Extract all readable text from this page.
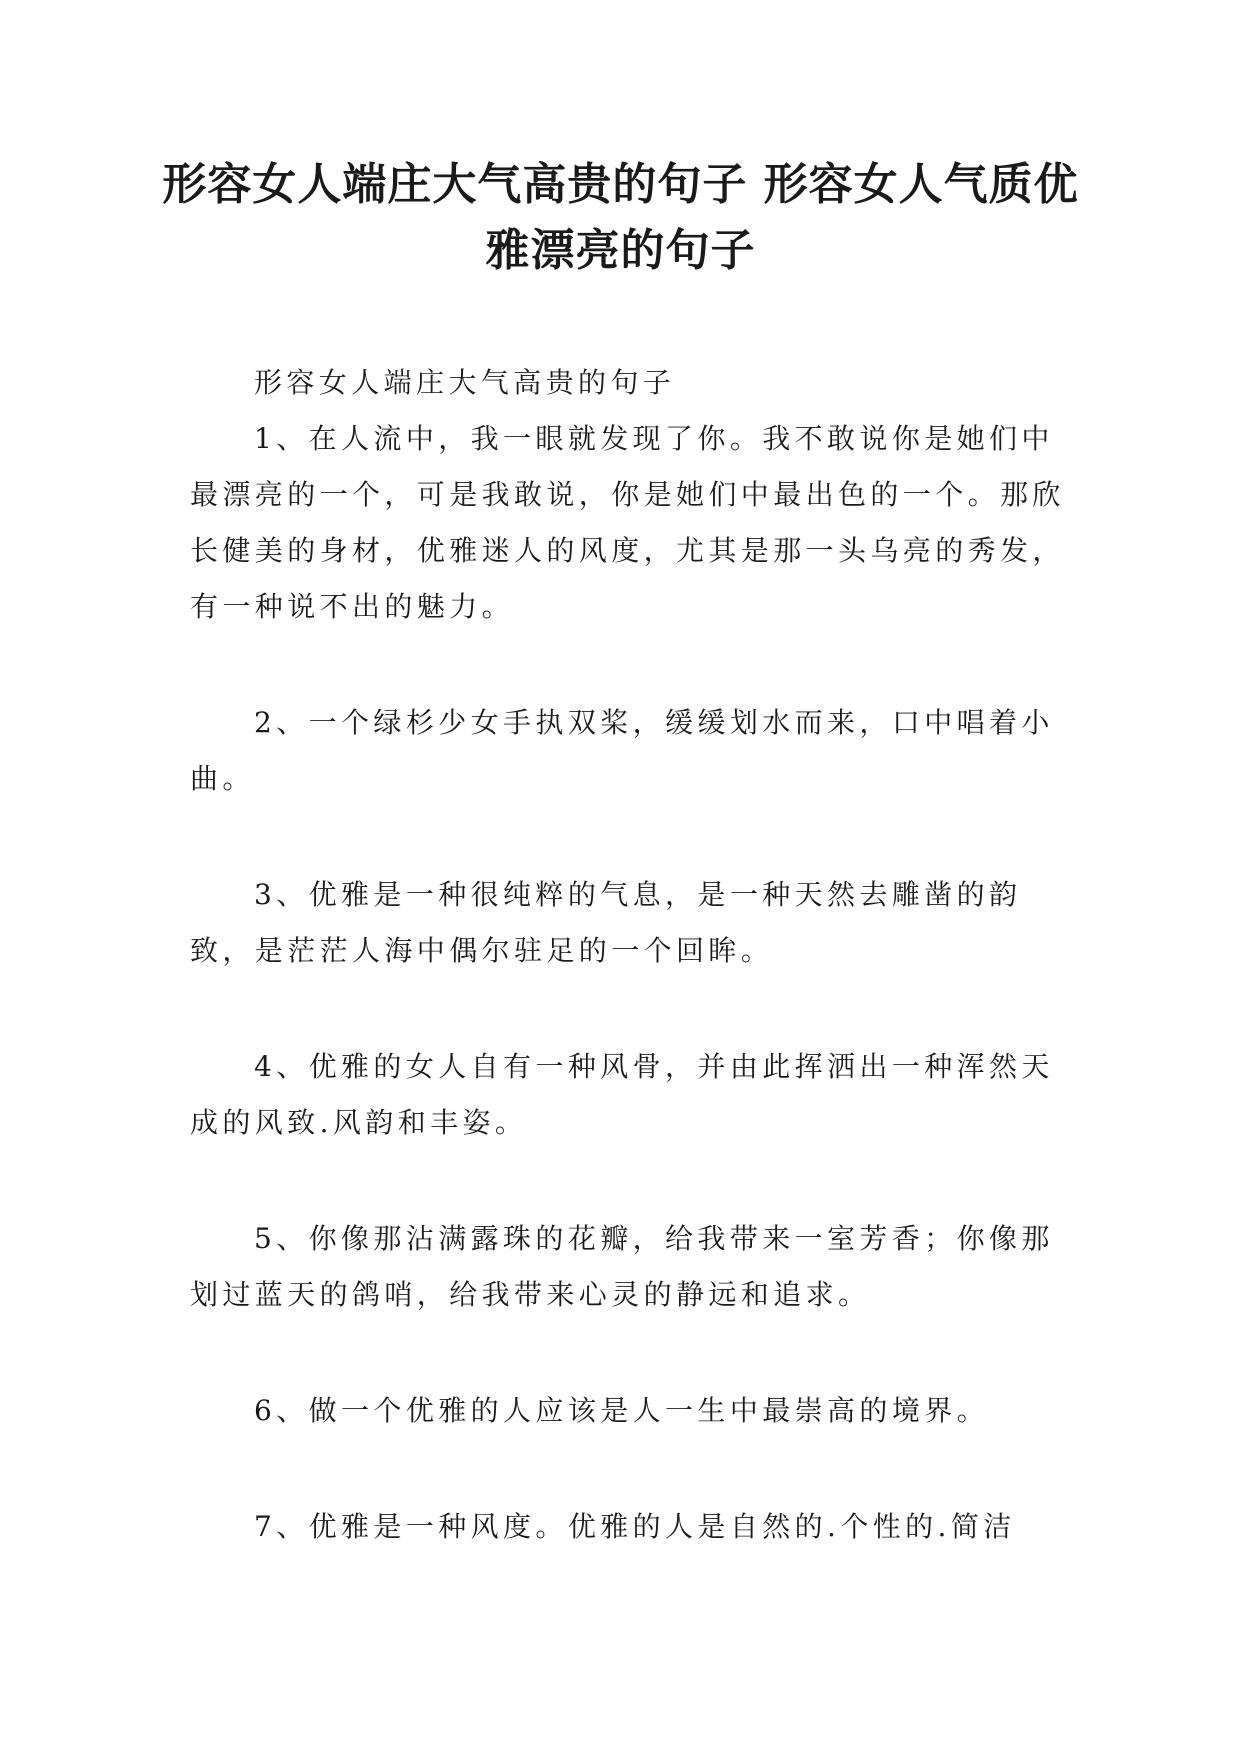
形容女人端庄大气高贵的句子 形容女人气质优雅漂亮的句子

形容女人端庄大气高贵的句子

1、在人流中，我一眼就发现了你。我不敢说你是她们中最漂亮的一个，可是我敢说，你是她们中最出色的一个。那欣长健美的身材，优雅迷人的风度，尤其是那一头乌亮的秀发，有一种说不出的魅力。

2、一个绿杉少女手执双桨，缓缓划水而来，口中唱着小曲。

3、优雅是一种很纯粹的气息，是一种天然去雕凿的韵致，是茫茫人海中偶尔驻足的一个回眸。

4、优雅的女人自有一种风骨，并由此挥洒出一种浑然天成的风致.风韵和丰姿。

5、你像那沾满露珠的花瓣，给我带来一室芳香；你像那划过蓝天的鸽哨，给我带来心灵的静远和追求。

6、做一个优雅的人应该是人一生中最崇高的境界。

7、优雅是一种风度。优雅的人是自然的.个性的.简洁
